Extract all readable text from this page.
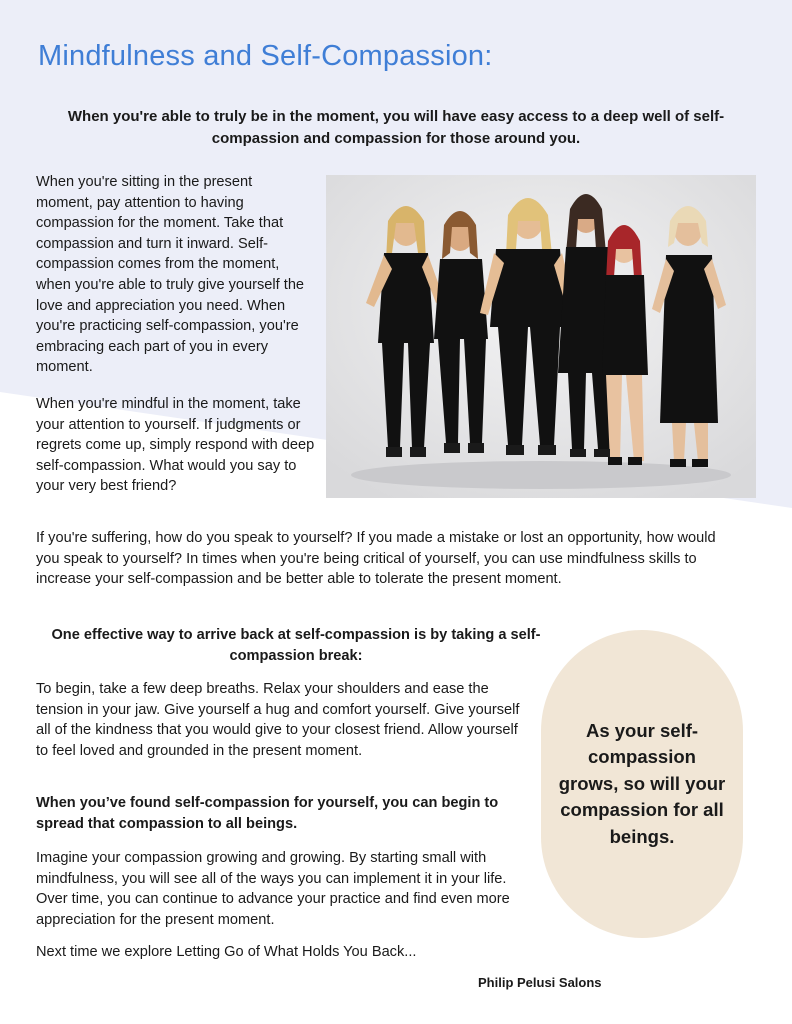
Mindfulness and Self-Compassion:

When you're able to truly be in the moment, you will have easy access to a deep well of self-compassion and compassion for those around you.

When you're sitting in the present moment, pay attention to having compassion for the moment. Take that compassion and turn it inward. Self-compassion comes from the moment, when you're able to truly give yourself the love and appreciation you need. When you're practicing self-compassion, you're embracing each part of you in every moment.

When you're mindful in the moment, take your attention to yourself. If judgments or regrets come up, simply respond with deep self-compassion. What would you say to your very best friend?

If you're suffering, how do you speak to yourself? If you made a mistake or lost an opportunity, how would you speak to yourself? In times when you're being critical of yourself, you can use mindfulness skills to increase your self-compassion and be better able to tolerate the present moment.

One effective way to arrive back at self-compassion is by taking a self-compassion break:

To begin, take a few deep breaths. Relax your shoulders and ease the tension in your jaw. Give yourself a hug and comfort yourself. Give yourself all of the kindness that you would give to your closest friend. Allow yourself to feel loved and grounded in the present moment.

When you’ve found self-compassion for yourself, you can begin to spread that compassion to all beings.

Imagine your compassion growing and growing. By starting small with mindfulness, you will see all of the ways you can implement it in your life. Over time, you can continue to advance your practice and find even more appreciation for the present moment.

Next time we explore Letting Go of What Holds You Back...

As your self-compassion grows, so will your compassion for all beings.

Philip Pelusi Salons
